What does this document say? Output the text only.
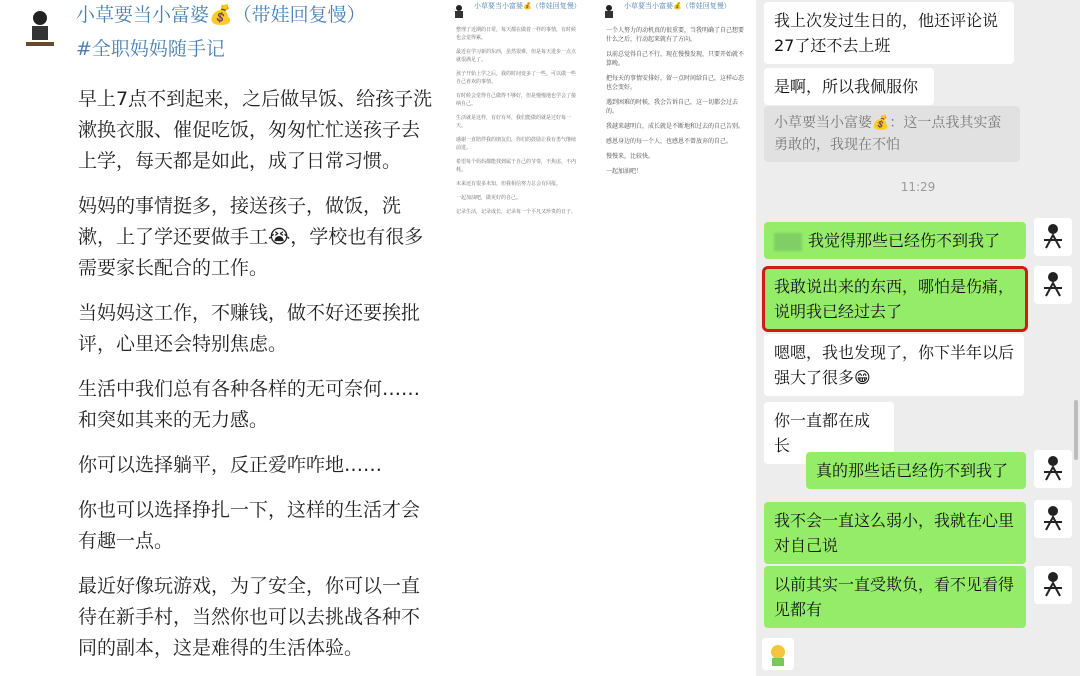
小草要当小富婆💰（带娃回复慢）
#全职妈妈随手记

早上7点不到起来，之后做早饭、给孩子洗漱换衣服、催促吃饭，匆匆忙忙送孩子去上学，每天都是如此，成了日常习惯。

妈妈的事情挺多，接送孩子，做饭，洗漱，上了学还要做手工😭，学校也有很多需要家长配合的工作。

当妈妈这工作，不赚钱，做不好还要挨批评，心里还会特别焦虑。

生活中我们总有各种各样的无可奈何……和突如其来的无力感。

你可以选择躺平，反正爱咋咋地……

你也可以选择挣扎一下，这样的生活才会有趣一点。

最近好像玩游戏，为了安全，你可以一直待在新手村，当然你也可以去挑战各种不同的副本，这是难得的生活体验。

小草要当小富婆💰（带娃回复慢）

整理了近期的日常，每天都在做着一样的事情，有时候也会觉得累。

最近在学习新的东西，虽然很难，但是每天进步一点点就很满足了。

孩子开始上学之后，我的时间变多了一些，可以做一些自己喜欢的事情。

有时候会觉得自己做得不够好，但是慢慢地也学会了接纳自己。

生活就是这样，有好有坏，我们能做的就是过好每一天。

感谢一直陪伴我的朋友们，你们的鼓励让我有勇气继续前进。

希望每个妈妈都能找到属于自己的节奏，不焦虑，不内耗。

未来还有很多未知，但我相信努力总会有回报。

一起加油吧，做更好的自己。

记录生活，记录成长，记录每一个平凡又珍贵的日子。

小草要当小富婆💰（带娃回复慢）

一个人努力的动机真的很重要，当我明确了自己想要什么之后，行动起来就有了方向。

以前总觉得自己不行，现在慢慢发现，只要开始就不算晚。

把每天的事情安排好，留一点时间给自己，这样心态也会变好。

遇到困难的时候，我会告诉自己，这一切都会过去的。

我越来越明白，成长就是不断地和过去的自己告别。

感恩身边的每一个人，也感恩不曾放弃的自己。

慢慢来，比较快。

一起加油吧！

我上次发过生日的，他还评论说27了还不去上班
是啊，所以我佩服你
小草要当小富婆💰：这一点我其实蛮勇敢的，我现在不怕
11:29
我觉得那些已经伤不到我了
我敢说出来的东西，哪怕是伤痛，说明我已经过去了
嗯嗯，我也发现了，你下半年以后强大了很多😁
你一直都在成长
真的那些话已经伤不到我了
我不会一直这么弱小，我就在心里对自己说
以前其实一直受欺负，看不见看得见都有
